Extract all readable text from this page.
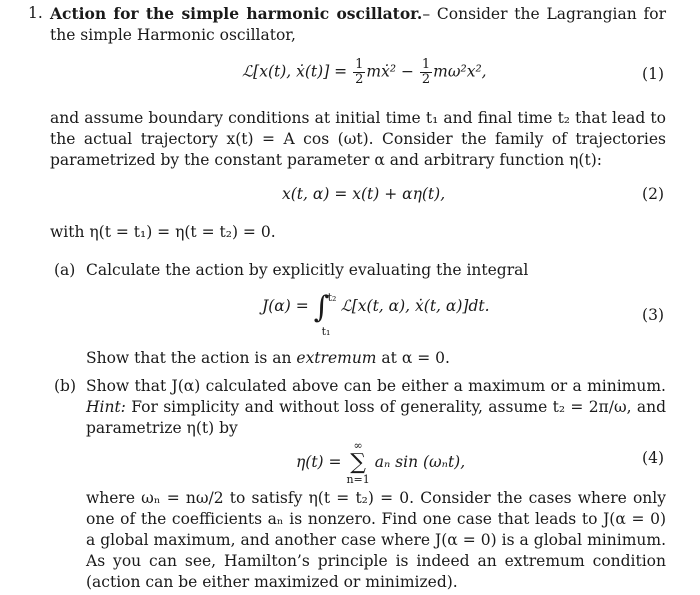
1. Action for the simple harmonic oscillator.– Consider the Lagrangian for the simple Harmonic oscillator,
ℒ[x(t), ẋ(t)] = $\frac{1}{2}$ mẋ² − $\frac{1}{2} m\omega^2x^2$,	(1)
and assume boundary conditions at initial time t₁ and final time t₂ that lead to the actual trajectory x(t) = A cos (ωt). Consider the family of trajectories parametrized by the constant parameter α and arbitrary function η(t):
x(t, α) = x(t) + αη(t),	(2)
with η(t = t₁) = η(t = t₂) = 0.
(a) Calculate the action by explicitly evaluating the integral
J(α) = ∫
t₂
t₁
ℒ[x(t, α), ẋ(t, α)]dt.	(3)
Show that the action is an extremum at α = 0.
(b) Show that J(α) calculated above can be either a maximum or a minimum. Hint: For simplicity and without loss of generality, assume t₂ = 2π/ω, and parametrize η(t) by
η(t) =
∞
∑
n=1
aₙ sin (ωₙt),	(4)
where ωₙ = nω/2 to satisfy η(t = t₂) = 0. Consider the cases where only one of the coefficients aₙ is nonzero. Find one case that leads to J(α = 0) a global maximum, and another case where J(α = 0) is a global minimum. As you can see, Hamilton’s principle is indeed an extremum condition (action can be either maximized or minimized).
